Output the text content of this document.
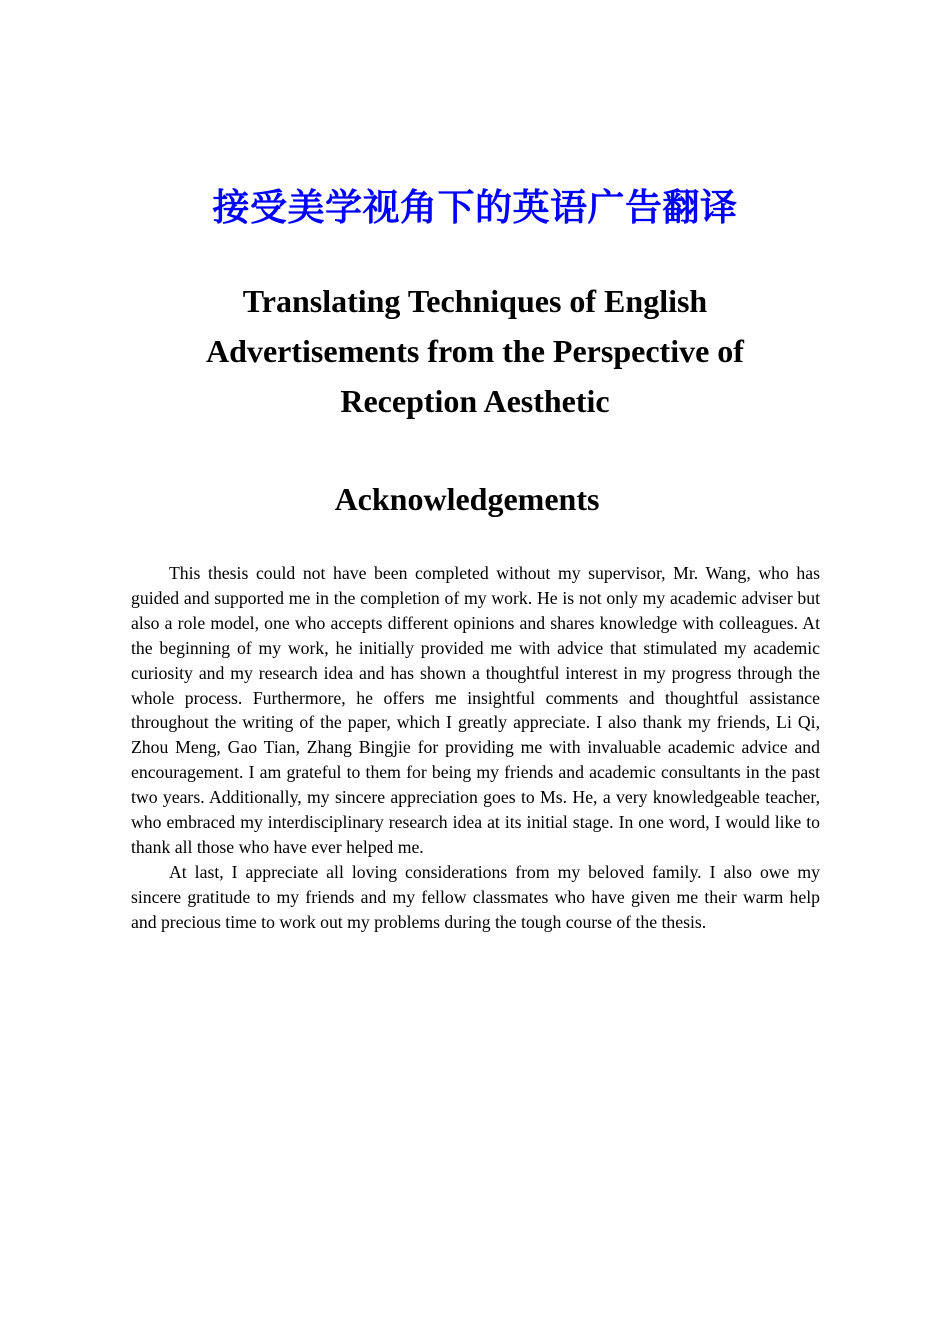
接受美学视角下的英语广告翻译
Translating Techniques of English
Advertisements from the Perspective of
Reception Aesthetic
Acknowledgements

This thesis could not have been completed without my supervisor, Mr. Wang, who has guided and supported me in the completion of my work. He is not only my academic adviser but also a role model, one who accepts different opinions and shares knowledge with colleagues. At the beginning of my work, he initially provided me with advice that stimulated my academic curiosity and my research idea and has shown a thoughtful interest in my progress through the whole process. Furthermore, he offers me insightful comments and thoughtful assistance throughout the writing of the paper, which I greatly appreciate. I also thank my friends, Li Qi, Zhou Meng, Gao Tian, Zhang Bingjie for providing me with invaluable academic advice and encouragement. I am grateful to them for being my friends and academic consultants in the past two years. Additionally, my sincere appreciation goes to Ms. He, a very knowledgeable teacher, who embraced my interdisciplinary research idea at its initial stage. In one word, I would like to thank all those who have ever helped me.

At last, I appreciate all loving considerations from my beloved family. I also owe my sincere gratitude to my friends and my fellow classmates who have given me their warm help and precious time to work out my problems during the tough course of the thesis.
